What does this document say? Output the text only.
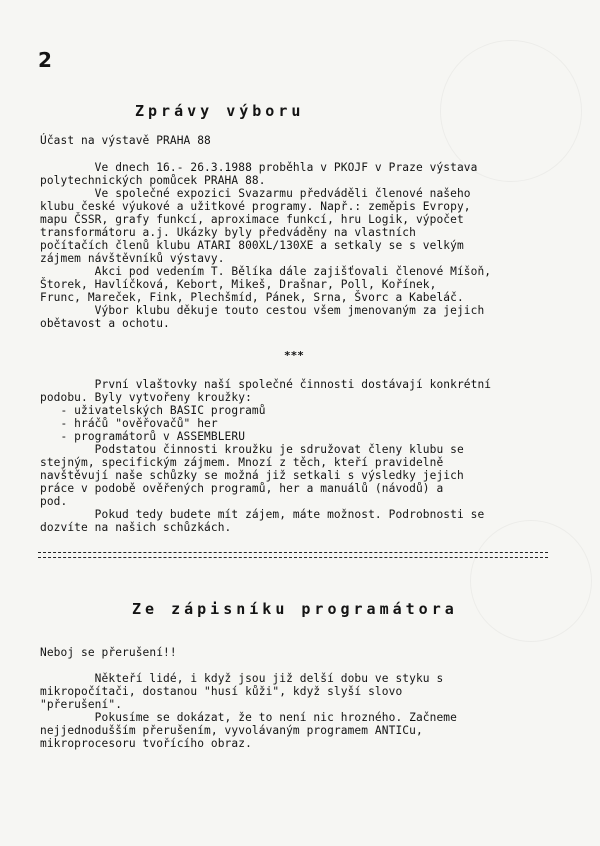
2
Zprávy výboru
Účast na výstavě PRAHA 88
Ve dnech 16.- 26.3.1988 proběhla v PKOJF v Praze výstava
polytechnických pomůcek PRAHA 88.
Ve společné expozici Svazarmu předváděli členové našeho
klubu české výukové a užitkové programy. Např.: zeměpis Evropy,
mapu ČSSR, grafy funkcí, aproximace funkcí, hru Logik, výpočet
transformátoru a.j. Ukázky byly předváděny na vlastních
počítačích členů klubu ATARI 800XL/130XE a setkaly se s velkým
zájmem návštěvníků výstavy.
Akci pod vedením T. Bělíka dále zajišťovali členové Míšoň,
Štorek, Havlíčková, Kebort, Mikeš, Drašnar, Poll, Kořínek,
Frunc, Mareček, Fink, Plechšmíd, Pánek, Srna, Švorc a Kabeláč.
Výbor klubu děkuje touto cestou všem jmenovaným za jejich
obětavost a ochotu.
***
První vlaštovky naší společné činnosti dostávají konkrétní
podobu. Byly vytvořeny kroužky:
- uživatelských BASIC programů
- hráčů "ověřovačů" her
- programátorů v ASSEMBLERU
Podstatou činnosti kroužku je sdružovat členy klubu se
stejným, specifickým zájmem. Mnozí z těch, kteří pravidelně
navštěvují naše schůzky se možná již setkali s výsledky jejich
práce v podobě ověřených programů, her a manuálů (návodů) a
pod.
Pokud tedy budete mít zájem, máte možnost. Podrobnosti se
dozvíte na našich schůzkách.
Ze zápisníku programátora
Neboj se přerušení!!
Někteří lidé, i když jsou již delší dobu ve styku s
mikropočítači, dostanou "husí kůži", když slyší slovo
"přerušení".
Pokusíme se dokázat, že to není nic hrozného. Začneme
nejjednodušším přerušením, vyvolávaným programem ANTICu,
mikroprocesoru tvořícího obraz.
